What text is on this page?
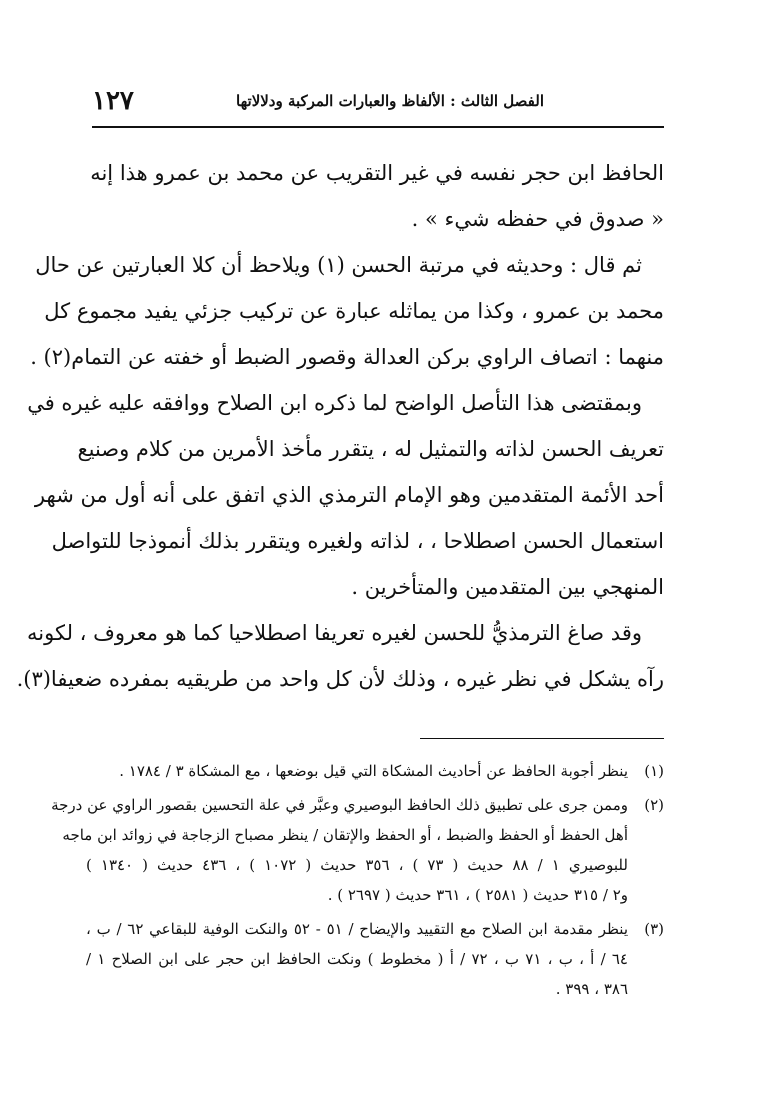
الفصل الثالث : الألفاظ والعبارات المركبة ودلالاتها
١٢٧
الحافظ ابن حجر نفسه في غير التقريب عن محمد بن عمرو هذا إنه
« صدوق في حفظه شيء » .
ثم قال : وحديثه في مرتبة الحسن (١) ويلاحظ أن كلا العبارتين عن حال
محمد بن عمرو ، وكذا من يماثله عبارة عن تركيب جزئي يفيد مجموع كل
منهما : اتصاف الراوي بركن العدالة وقصور الضبط أو خفته عن التمام(٢) .
وبمقتضى هذا التأصل الواضح لما ذكره ابن الصلاح ووافقه عليه غيره في
تعريف الحسن لذاته والتمثيل له ، يتقرر مأخذ الأمرين من كلام وصنيع
أحد الأئمة المتقدمين وهو الإمام الترمذي الذي اتفق على أنه أول من شهر
استعمال الحسن اصطلاحا ، ، لذاته ولغيره ويتقرر بذلك أنموذجا للتواصل
المنهجي بين المتقدمين والمتأخرين .
وقد صاغ الترمذيُّ للحسن لغيره تعريفا اصطلاحيا كما هو معروف ، لكونه
رآه يشكل في نظر غيره ، وذلك لأن كل واحد من طريقيه بمفرده ضعيفا(٣).
(١)
ينظر أجوبة الحافظ عن أحاديث المشكاة التي قيل بوضعها ، مع المشكاة ٣ / ١٧٨٤ .
(٢)
وممن جرى على تطبيق ذلك الحافظ البوصيري وعبَّر في علة التحسين بقصور الراوي عن درجة
أهل الحفظ أو الحفظ والضبط ، أو الحفظ والإتقان / ينظر مصباح الزجاجة في زوائد ابن ماجه
للبوصيري ١ / ٨٨ حديث ( ٧٣ ) ، ٣٥٦ حديث ( ١٠٧٢ ) ، ٤٣٦ حديث ( ١٣٤٠ )
و٢ / ٣١٥ حديث ( ٢٥٨١ ) ، ٣٦١ حديث ( ٢٦٩٧ ) .
(٣)
ينظر مقدمة ابن الصلاح مع التقييد والإيضاح / ٥١ - ٥٢ والنكت الوفية للبقاعي ٦٢ / ب ،
٦٤ / أ ، ب ، ٧١ ب ، ٧٢ / أ ( مخطوط ) ونكت الحافظ ابن حجر على ابن الصلاح ١ /
٣٨٦ ، ٣٩٩ .
